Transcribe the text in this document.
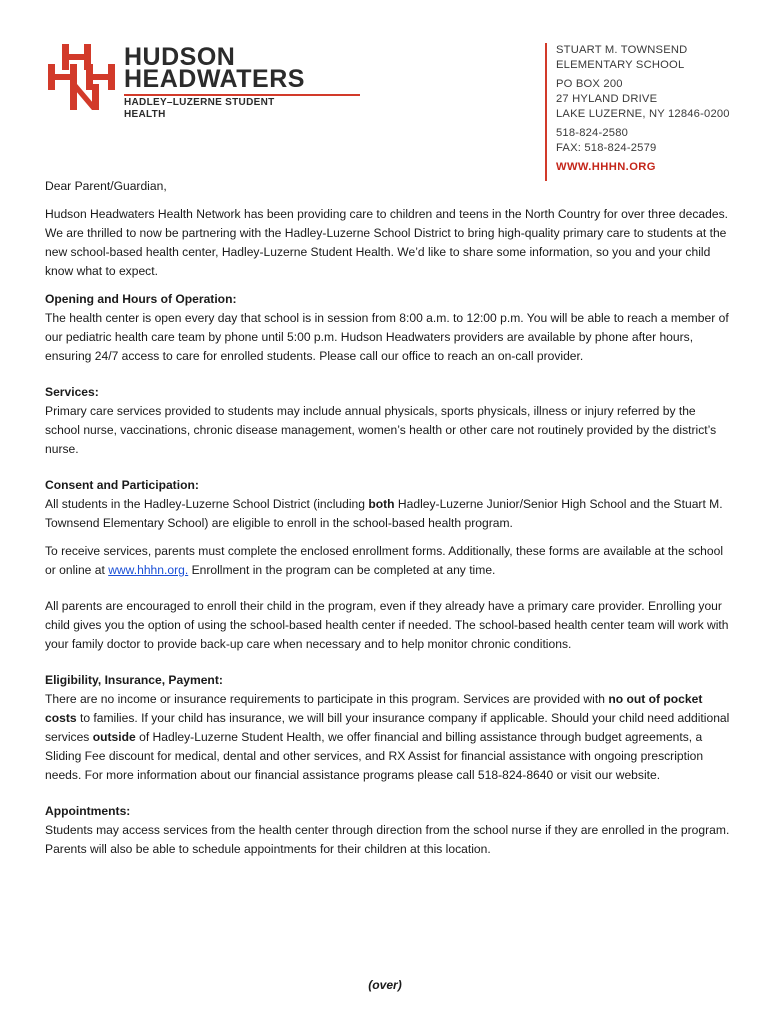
HUDSON
HEADWATERS
HADLEY–LUZERNE STUDENT HEALTH
STUART M. TOWNSEND
ELEMENTARY SCHOOL
PO BOX 200
27 HYLAND DRIVE
LAKE LUZERNE, NY 12846-0200
518-824-2580
FAX: 518-824-2579
WWW.HHHN.ORG

Dear Parent/Guardian,

Hudson Headwaters Health Network has been providing care to children and teens in the North Country for over three decades. We are thrilled to now be partnering with the Hadley-Luzerne School District to bring high-quality primary care to students at the new school-based health center, Hadley-Luzerne Student Health. We’d like to share some information, so you and your child know what to expect.

Opening and Hours of Operation:

The health center is open every day that school is in session from 8:00 a.m. to 12:00 p.m. You will be able to reach a member of our pediatric health care team by phone until 5:00 p.m. Hudson Headwaters providers are available by phone after hours, ensuring 24/7 access to care for enrolled students. Please call our office to reach an on-call provider.

Services:

Primary care services provided to students may include annual physicals, sports physicals, illness or injury referred by the school nurse, vaccinations, chronic disease management, women’s health or other care not routinely provided by the district’s nurse.

Consent and Participation:

All students in the Hadley-Luzerne School District (including both Hadley-Luzerne Junior/Senior High School and the Stuart M. Townsend Elementary School) are eligible to enroll in the school-based health program.

To receive services, parents must complete the enclosed enrollment forms. Additionally, these forms are available at the school or online at www.hhhn.org. Enrollment in the program can be completed at any time.

All parents are encouraged to enroll their child in the program, even if they already have a primary care provider. Enrolling your child gives you the option of using the school-based health center if needed. The school-based health center team will work with your family doctor to provide back-up care when necessary and to help monitor chronic conditions.

Eligibility, Insurance, Payment:

There are no income or insurance requirements to participate in this program. Services are provided with no out of pocket costs to families. If your child has insurance, we will bill your insurance company if applicable. Should your child need additional services outside of Hadley-Luzerne Student Health, we offer financial and billing assistance through budget agreements, a Sliding Fee discount for medical, dental and other services, and RX Assist for financial assistance with ongoing prescription needs. For more information about our financial assistance programs please call 518-824-8640 or visit our website.

Appointments:

Students may access services from the health center through direction from the school nurse if they are enrolled in the program. Parents will also be able to schedule appointments for their children at this location.

(over)
